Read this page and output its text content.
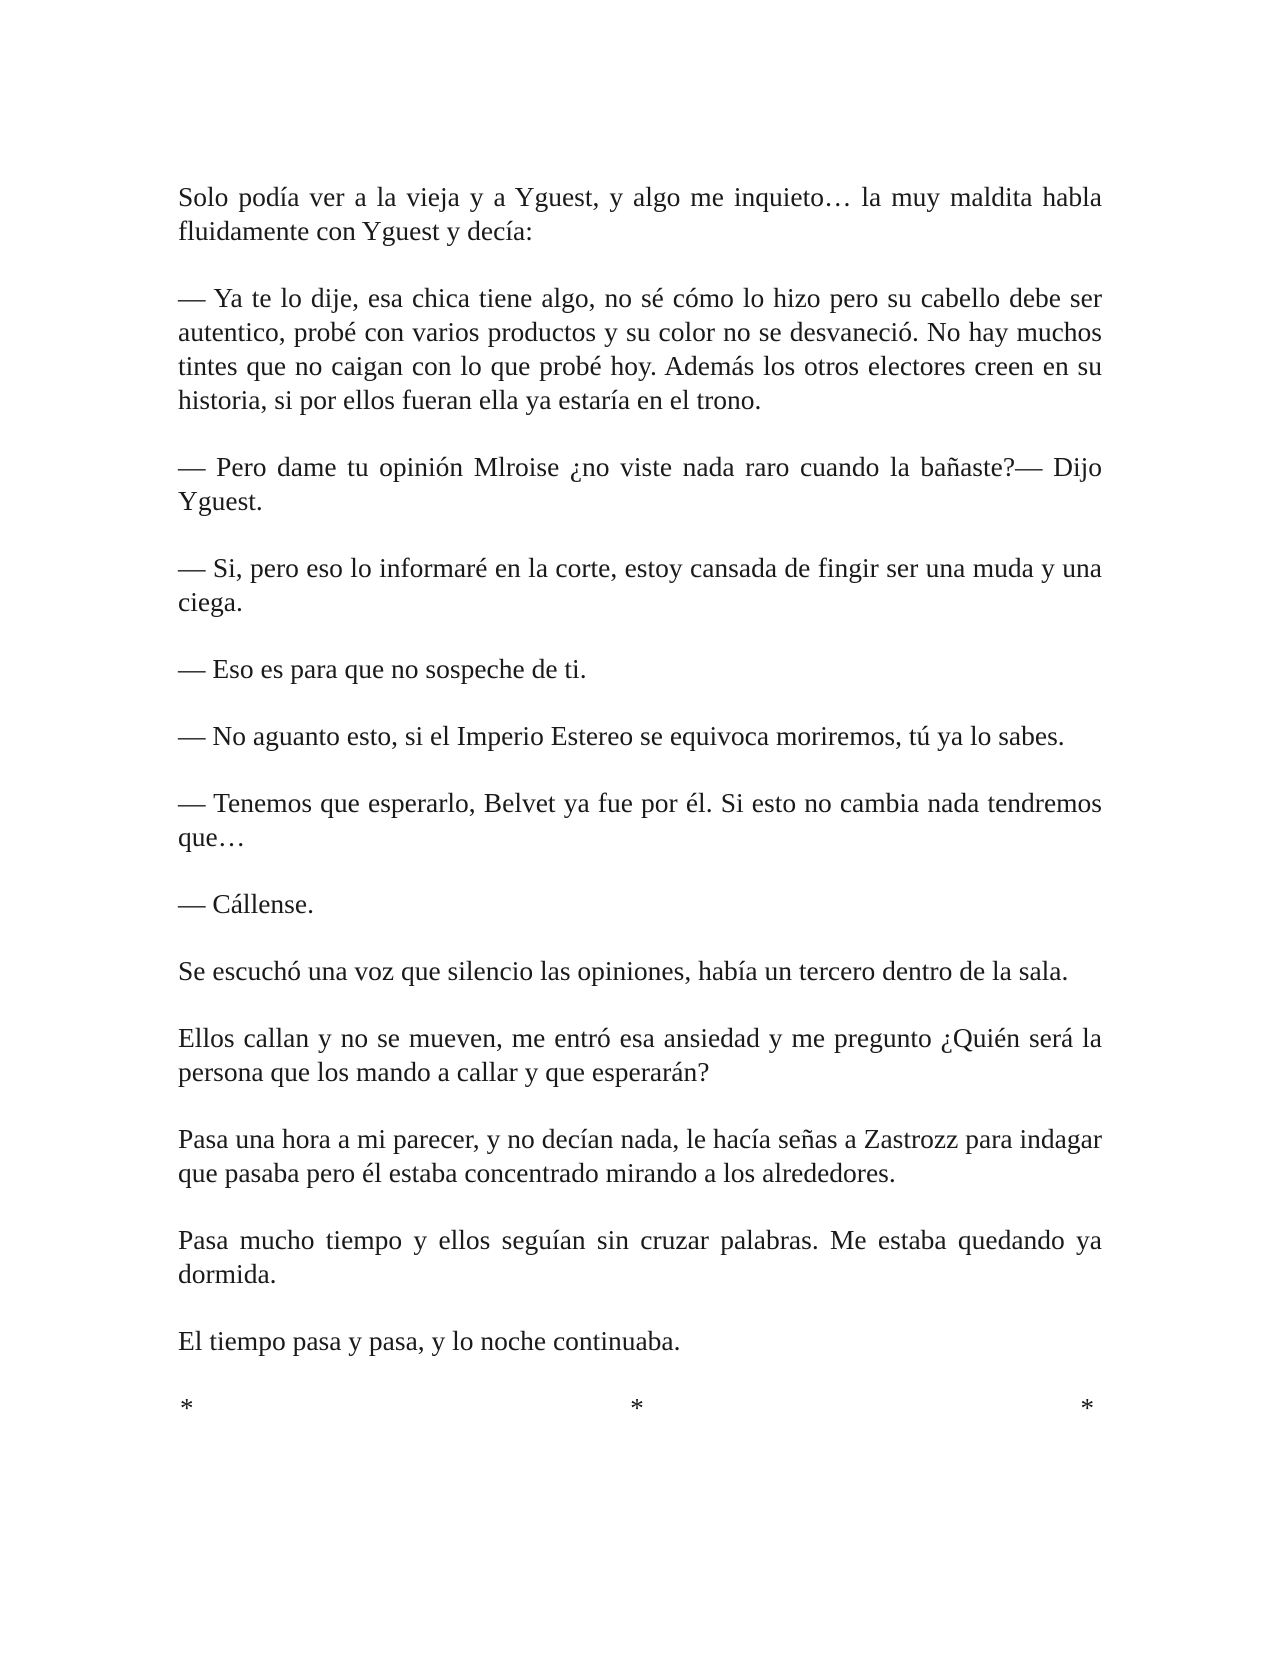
Solo podía ver a la vieja y a Yguest, y algo me inquieto… la muy maldita habla fluidamente con Yguest y decía:

— Ya te lo dije, esa chica tiene algo, no sé cómo lo hizo pero su cabello debe ser autentico, probé con varios productos y su color no se desvaneció. No hay muchos tintes que no caigan con lo que probé hoy. Además los otros electores creen en su historia, si por ellos fueran ella ya estaría en el trono.

— Pero dame tu opinión Mlroise ¿no viste nada raro cuando la bañaste?— Dijo Yguest.

— Si, pero eso lo informaré en la corte, estoy cansada de fingir ser una muda y una ciega.

— Eso es para que no sospeche de ti.

— No aguanto esto, si el Imperio Estereo se equivoca moriremos, tú ya lo sabes.

— Tenemos que esperarlo, Belvet ya fue por él. Si esto no cambia nada tendremos que…

— Cállense.

Se escuchó una voz que silencio las opiniones, había un tercero dentro de la sala.

Ellos callan y no se mueven, me entró esa ansiedad y me pregunto ¿Quién será la persona que los mando a callar y que esperarán?

Pasa una hora a mi parecer, y no decían nada, le hacía señas a Zastrozz para indagar que pasaba pero él estaba concentrado mirando a los alrededores.

Pasa mucho tiempo y ellos seguían sin cruzar palabras. Me estaba quedando ya dormida.

El tiempo pasa y pasa, y lo noche continuaba.

*	*	*
